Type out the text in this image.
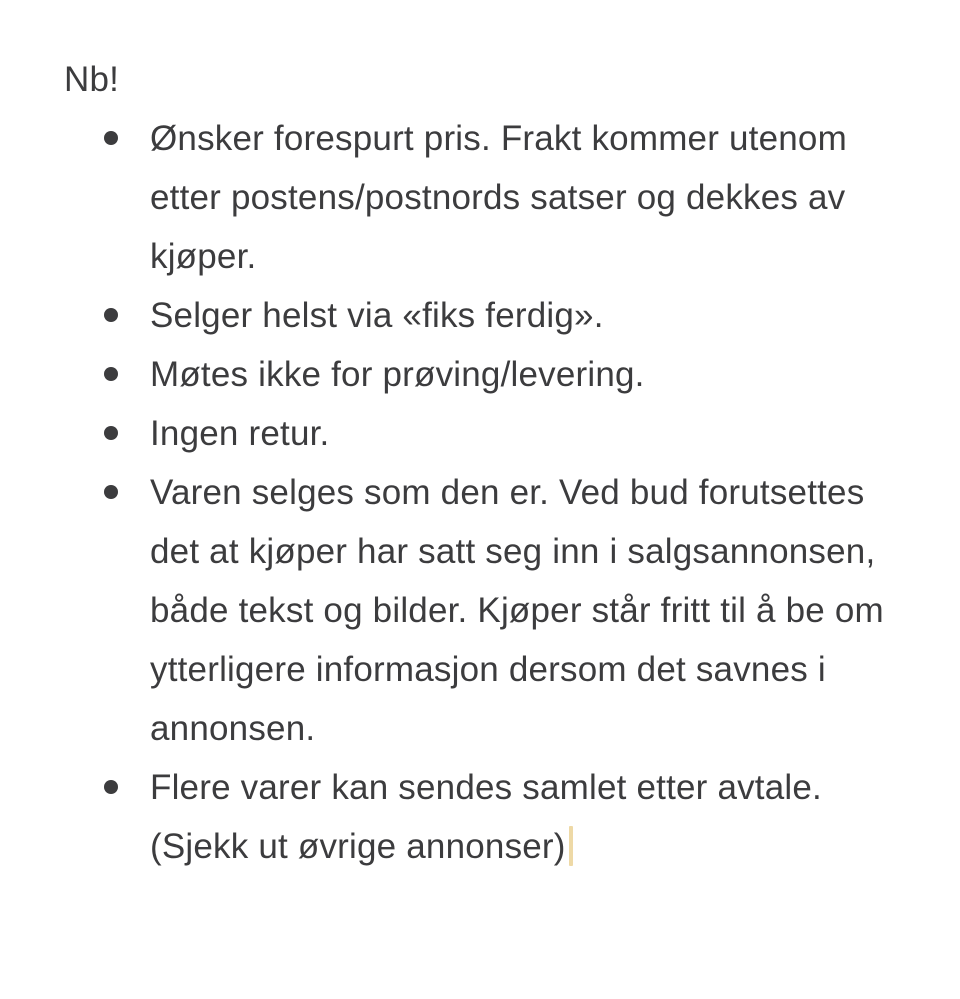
Nb!
Ønsker forespurt pris. Frakt kommer utenom etter postens/postnords satser og dekkes av kjøper.
Selger helst via «fiks ferdig».
Møtes ikke for prøving/levering.
Ingen retur.
Varen selges som den er. Ved bud forutsettes det at kjøper har satt seg inn i salgsannonsen, både tekst og bilder. Kjøper står fritt til å be om ytterligere informasjon dersom det savnes i annonsen.
Flere varer kan sendes samlet etter avtale. (Sjekk ut øvrige annonser)
